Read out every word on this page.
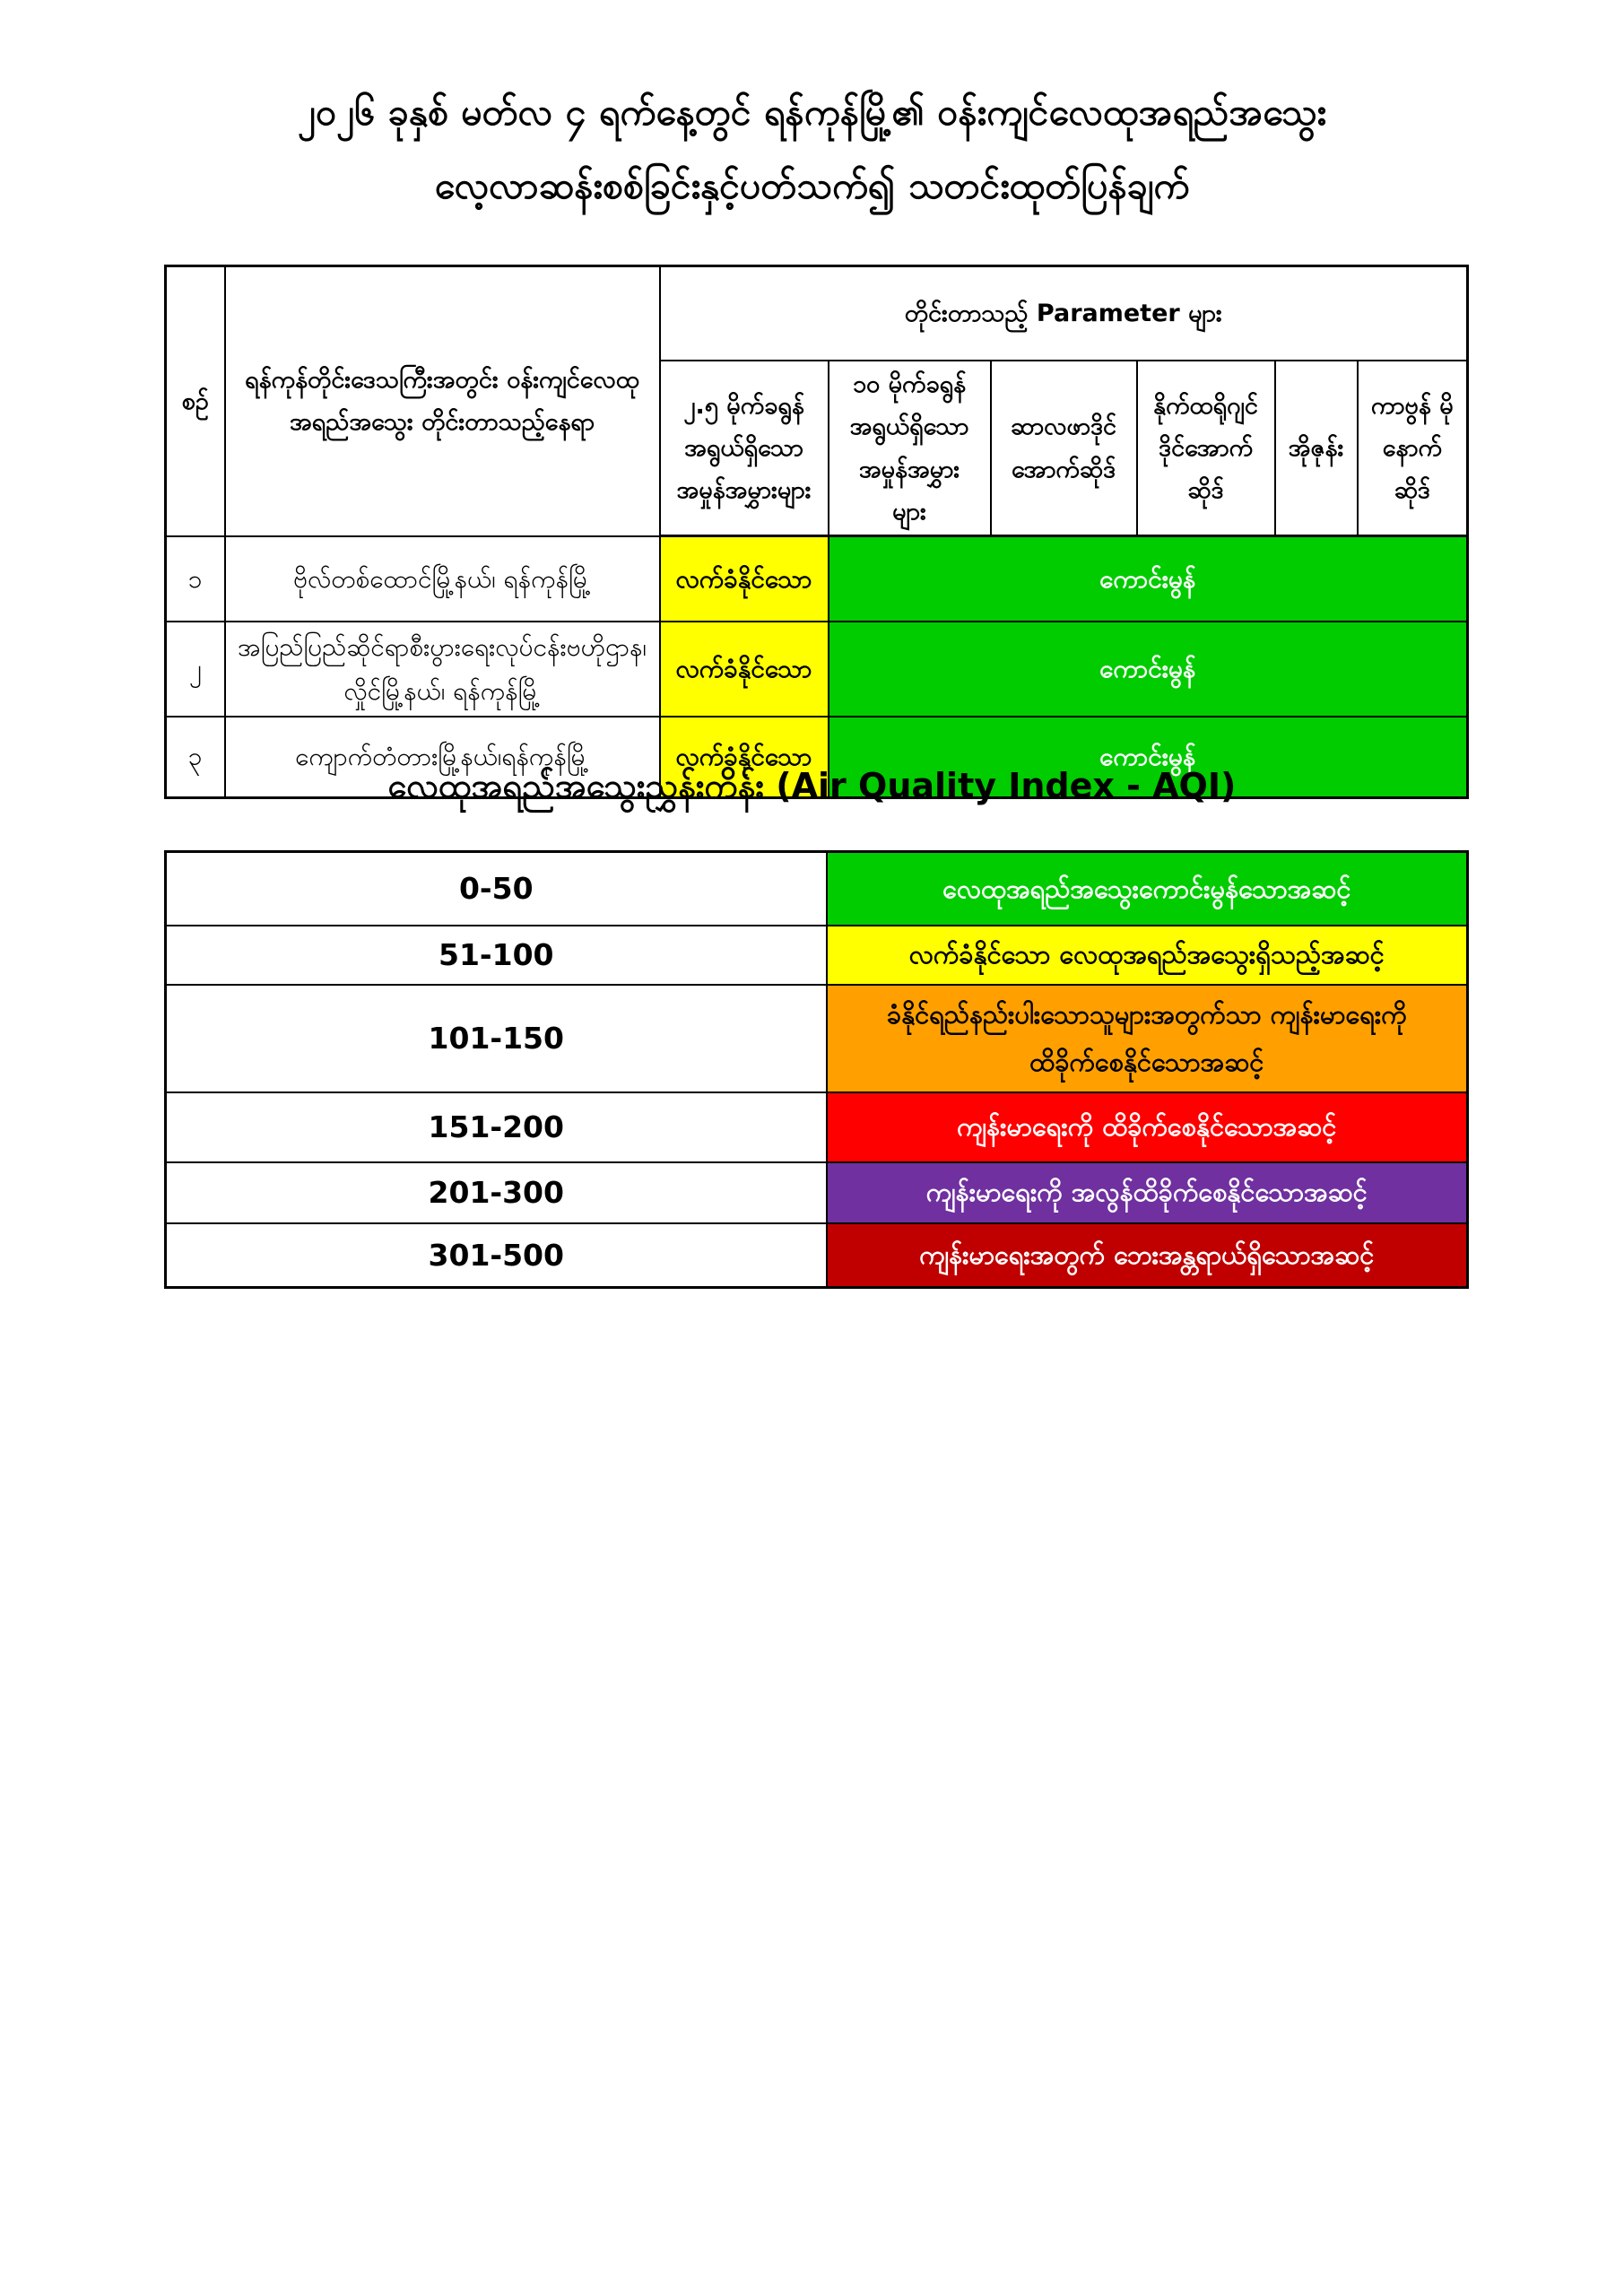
၂၀၂၆ ခုနှစ် မတ်လ ၄ ရက်နေ့တွင် ရန်ကုန်မြို့၏ ဝန်းကျင်လေထုအရည်အသွေး
လေ့လာဆန်းစစ်ခြင်းနှင့်ပတ်သက်၍ သတင်းထုတ်ပြန်ချက်
စဉ်	ရန်ကုန်တိုင်းဒေသကြီးအတွင်း ဝန်းကျင်လေထု အရည်အသွေး တိုင်းတာသည့်နေရာ	တိုင်းတာသည့် Parameter များ					
		၂.၅ မိုက်ခရွန် အရွယ်ရှိသော အမှုန်အမွှားများ	၁၀ မိုက်ခရွန် အရွယ်ရှိသော အမှုန်အမွှား များ	ဆာလဖာဒိုင် အောက်ဆိုဒ်	နိုက်ထရိုဂျင် ဒိုင်အောက် ဆိုဒ်	အိုဇုန်း	ကာဗွန် မိုနောက် ဆိုဒ်
၁	ဗိုလ်တစ်ထောင်မြို့နယ်၊ ရန်ကုန်မြို့	လက်ခံနိုင်သော	ကောင်းမွန်				
၂	အပြည်ပြည်ဆိုင်ရာစီးပွားရေးလုပ်ငန်းဗဟိုဌာန၊ လှိုင်မြို့နယ်၊ ရန်ကုန်မြို့	လက်ခံနိုင်သော	ကောင်းမွန်				
၃	ကျောက်တံတားမြို့နယ်၊ရန်ကုန်မြို့	လက်ခံနိုင်သော	ကောင်းမွန်				
လေထုအရည်အသွေးညွှန်းကိန်း (Air Quality Index - AQI)
0-50	လေထုအရည်အသွေးကောင်းမွန်သောအဆင့်
51-100	လက်ခံနိုင်သော လေထုအရည်အသွေးရှိသည့်အဆင့်
101-150	ခံနိုင်ရည်နည်းပါးသောသူများအတွက်သာ ကျန်းမာရေးကို ထိခိုက်စေနိုင်သောအဆင့်
151-200	ကျန်းမာရေးကို ထိခိုက်စေနိုင်သောအဆင့်
201-300	ကျန်းမာရေးကို အလွန်ထိခိုက်စေနိုင်သောအဆင့်
301-500	ကျန်းမာရေးအတွက် ဘေးအန္တရာယ်ရှိသောအဆင့်
